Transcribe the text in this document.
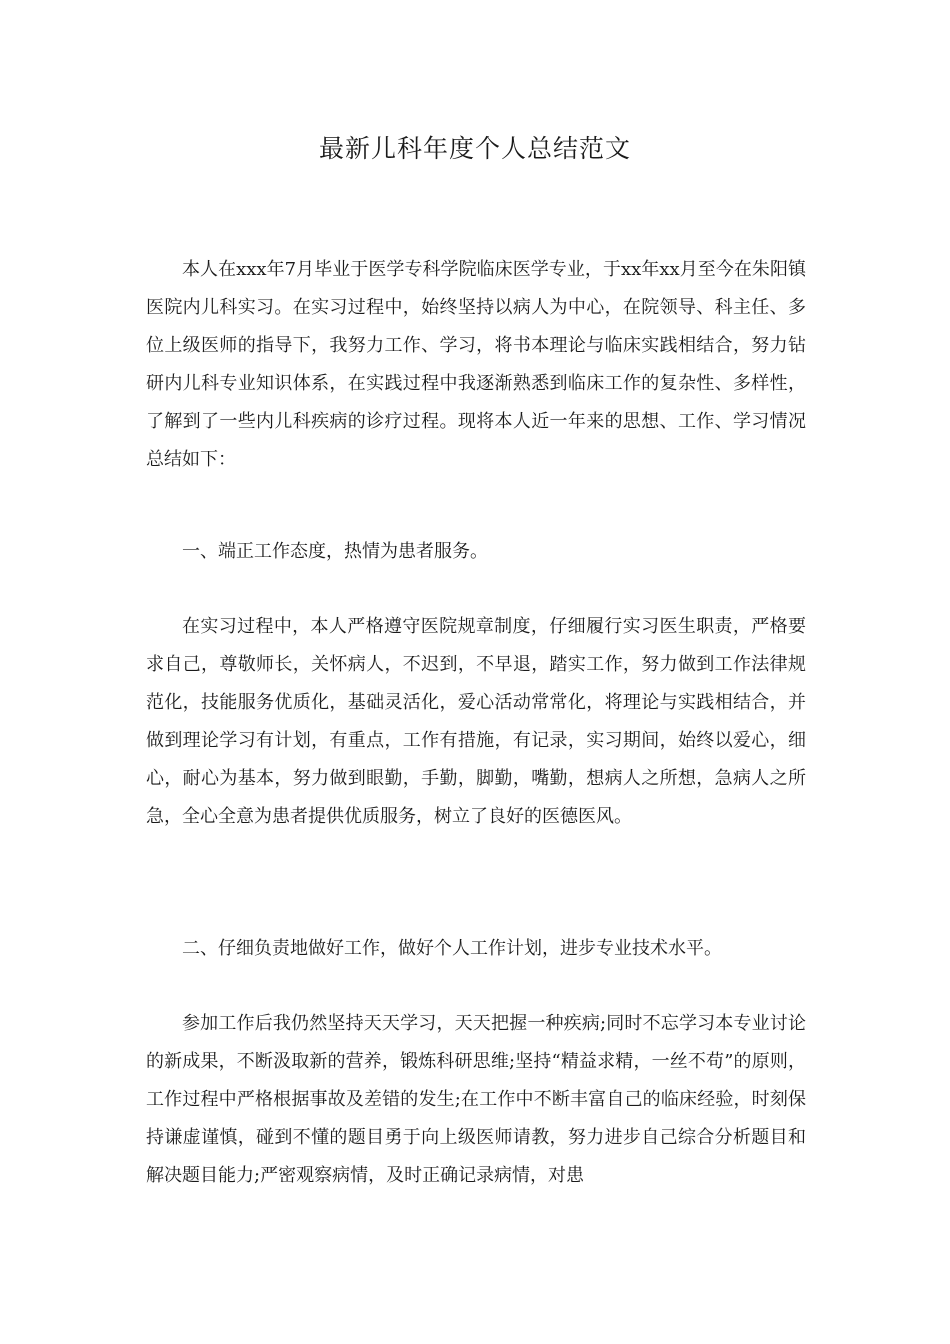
最新儿科年度个人总结范文

本人在xxx年7月毕业于医学专科学院临床医学专业，于xx年xx月至今在朱阳镇医院内儿科实习。在实习过程中，始终坚持以病人为中心，在院领导、科主任、多位上级医师的指导下，我努力工作、学习，将书本理论与临床实践相结合，努力钻研内儿科专业知识体系，在实践过程中我逐渐熟悉到临床工作的复杂性、多样性，了解到了一些内儿科疾病的诊疗过程。现将本人近一年来的思想、工作、学习情况总结如下：

一、端正工作态度，热情为患者服务。

在实习过程中，本人严格遵守医院规章制度，仔细履行实习医生职责，严格要求自己，尊敬师长，关怀病人，不迟到，不早退，踏实工作，努力做到工作法律规范化，技能服务优质化，基础灵活化，爱心活动常常化，将理论与实践相结合，并做到理论学习有计划，有重点，工作有措施，有记录，实习期间，始终以爱心，细心，耐心为基本，努力做到眼勤，手勤，脚勤，嘴勤，想病人之所想，急病人之所急，全心全意为患者提供优质服务，树立了良好的医德医风。

二、仔细负责地做好工作，做好个人工作计划，进步专业技术水平。

参加工作后我仍然坚持天天学习，天天把握一种疾病;同时不忘学习本专业讨论的新成果，不断汲取新的营养，锻炼科研思维;坚持“精益求精，一丝不苟”的原则，工作过程中严格根据事故及差错的发生;在工作中不断丰富自己的临床经验，时刻保持谦虚谨慎，碰到不懂的题目勇于向上级医师请教，努力进步自己综合分析题目和解决题目能力;严密观察病情，及时正确记录病情，对患
